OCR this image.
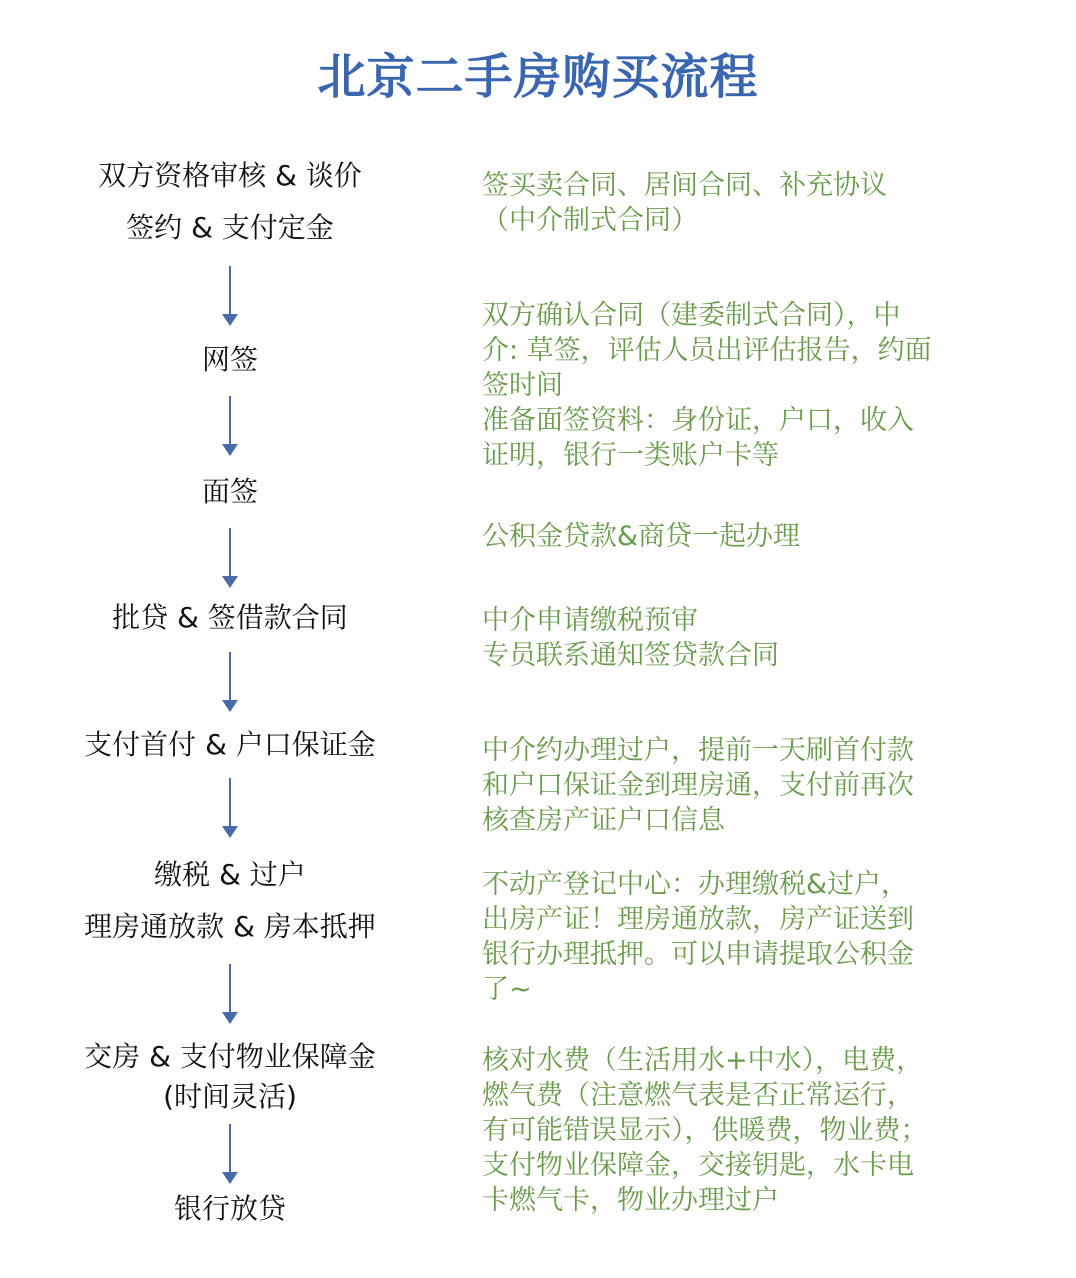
北京二手房购买流程
双方资格审核 & 谈价
签约 & 支付定金
网签
面签
批贷 & 签借款合同
支付首付 & 户口保证金
缴税 & 过户
理房通放款 & 房本抵押
交房 & 支付物业保障金
(时间灵活)
银行放贷
签买卖合同、居间合同、补充协议
（中介制式合同）
双方确认合同（建委制式合同），中
介: 草签，评估人员出评估报告，约面
签时间
准备面签资料：身份证，户口，收入
证明，银行一类账户卡等
公积金贷款&商贷一起办理
中介申请缴税预审
专员联系通知签贷款合同
中介约办理过户，提前一天刷首付款
和户口保证金到理房通，支付前再次
核查房产证户口信息
不动产登记中心：办理缴税&过户，
出房产证！理房通放款，房产证送到
银行办理抵押。可以申请提取公积金
了~
核对水费（生活用水+中水），电费，
燃气费（注意燃气表是否正常运行，
有可能错误显示），供暖费，物业费；
支付物业保障金，交接钥匙，水卡电
卡燃气卡，物业办理过户
